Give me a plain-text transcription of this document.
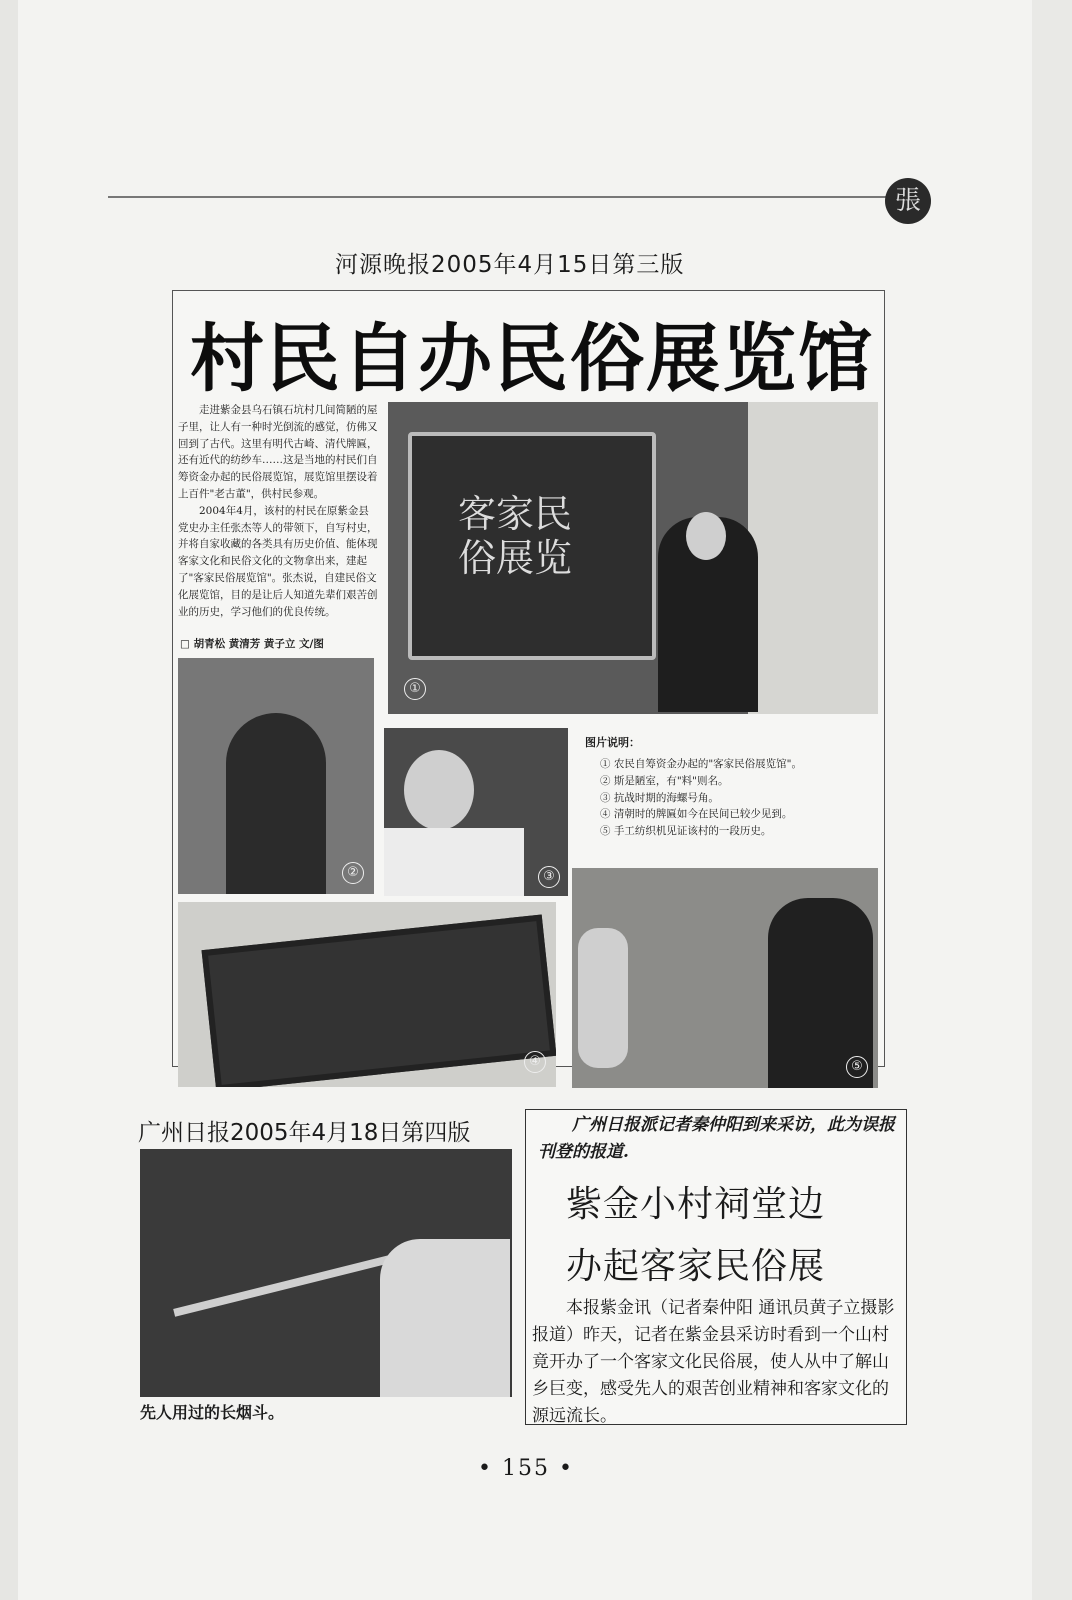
張
河源晚报2005年4月15日第三版
村民自办民俗展览馆

走进紫金县乌石镇石坑村几间简陋的屋子里，让人有一种时光倒流的感觉，仿佛又回到了古代。这里有明代古崎、清代牌匾，还有近代的纺纱车……这是当地的村民们自筹资金办起的民俗展览馆，展览馆里摆设着上百件"老古董"，供村民参观。

2004年4月，该村的村民在原紫金县党史办主任张杰等人的带领下，自写村史，并将自家收藏的各类具有历史价值、能体现客家文化和民俗文化的文物拿出来，建起了"客家民俗展览馆"。张杰说，自建民俗文化展览馆，目的是让后人知道先辈们艰苦创业的历史，学习他们的优良传统。

□ 胡青松 黄清芳 黄子立 文/图
客家民俗展览
①
②	③
④	⑤
图片说明：
① 农民自筹资金办起的"客家民俗展览馆"。
② 斯是陋室，有"料"则名。
③ 抗战时期的海螺号角。
④ 清朝时的牌匾如今在民间已较少见到。
⑤ 手工纺织机见证该村的一段历史。
广州日报2005年4月18日第四版
先人用过的长烟斗。
广州日报派记者秦仲阳到来采访，此为误报刊登的报道.
紫金小村祠堂边
办起客家民俗展
本报紫金讯（记者秦仲阳 通讯员黄子立摄影报道）昨天，记者在紫金县采访时看到一个山村竟开办了一个客家文化民俗展，使人从中了解山乡巨变，感受先人的艰苦创业精神和客家文化的源远流长。
• 155 •
